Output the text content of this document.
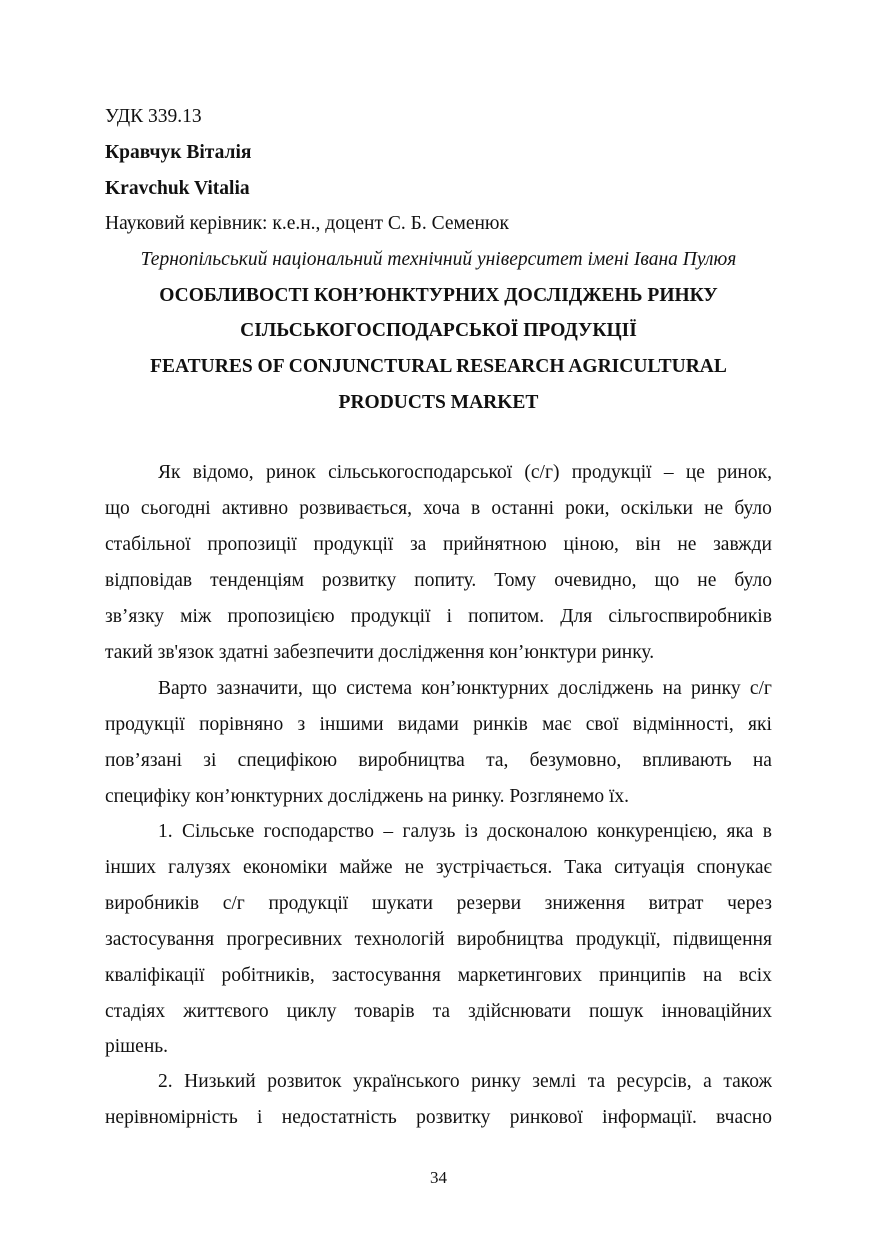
УДК 339.13
Кравчук Віталія
Kravchuk Vitalia
Науковий керівник: к.е.н., доцент С. Б. Семенюк
Тернопільський національний технічний університет імені Івана Пулюя
ОСОБЛИВОСТІ КОН’ЮНКТУРНИХ ДОСЛІДЖЕНЬ РИНКУ
СІЛЬСЬКОГОСПОДАРСЬКОЇ ПРОДУКЦІЇ
FEATURES OF CONJUNCTURAL RESEARCH AGRICULTURAL
PRODUCTS MARKET
Як відомо, ринок сільськогосподарської (с/г) продукції – це ринок,
що сьогодні активно розвивається, хоча в останні роки, оскільки не було
стабільної пропозиції продукції за прийнятною ціною, він не завжди
відповідав тенденціям розвитку попиту. Тому очевидно, що не було
зв’язку між пропозицією продукції і попитом. Для сільгоспвиробників
такий зв'язок здатні забезпечити дослідження кон’юнктури ринку.
Варто зазначити, що система кон’юнктурних досліджень на ринку с/г
продукції порівняно з іншими видами ринків має свої відмінності, які
пов’язані зі специфікою виробництва та, безумовно, впливають на
специфіку кон’юнктурних досліджень на ринку. Розглянемо їх.
1. Сільське господарство – галузь із досконалою конкуренцією, яка в
інших галузях економіки майже не зустрічається. Така ситуація спонукає
виробників с/г продукції шукати резерви зниження витрат через
застосування прогресивних технологій виробництва продукції, підвищення
кваліфікації робітників, застосування маркетингових принципів на всіх
стадіях життєвого циклу товарів та здійснювати пошук інноваційних
рішень.
2. Низький розвиток українського ринку землі та ресурсів, а також
нерівномірність і недостатність розвитку ринкової інформації. вчасно
34
